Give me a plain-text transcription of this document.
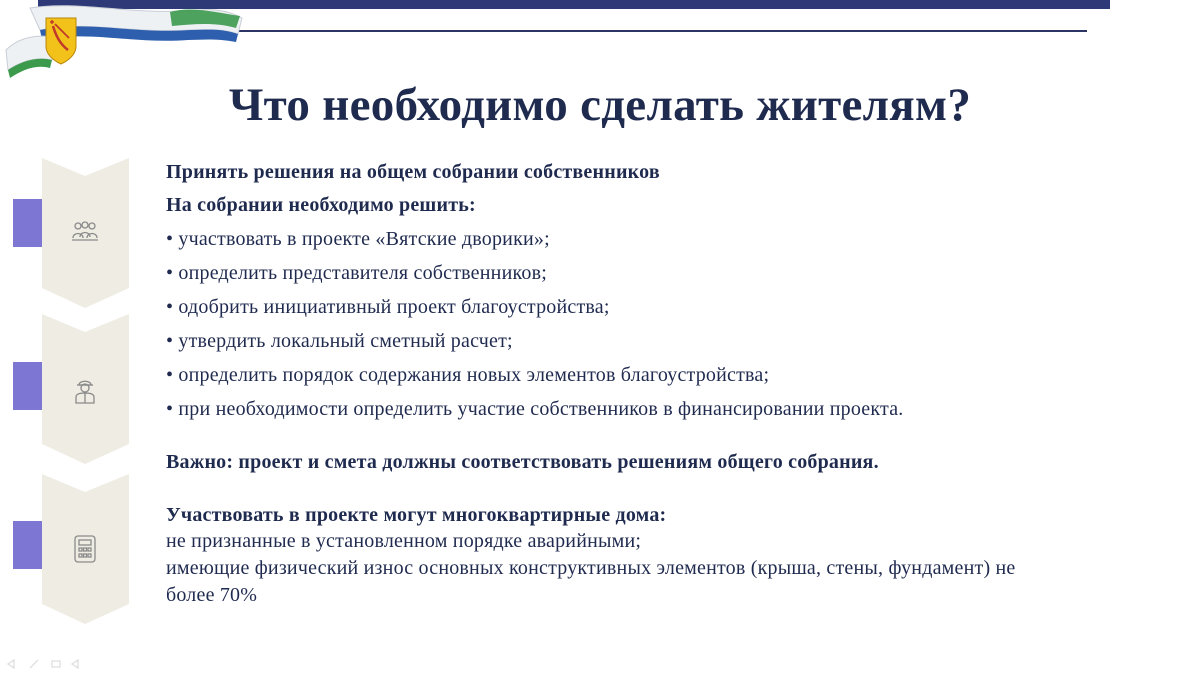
Что необходимо сделать жителям?
Принять решения на общем собрании собственников
На собрании необходимо решить:
• участвовать в проекте «Вятские дворики»;
• определить представителя собственников;
• одобрить инициативный проект благоустройства;
• утвердить локальный сметный расчет;
• определить порядок содержания новых элементов благоустройства;
• при необходимости определить участие собственников в финансировании проекта.
Важно: проект и смета должны соответствовать решениям общего собрания.
Участвовать в проекте могут многоквартирные дома:
не признанные в установленном порядке аварийными;
имеющие физический износ основных конструктивных элементов (крыша, стены, фундамент) не
более 70%
